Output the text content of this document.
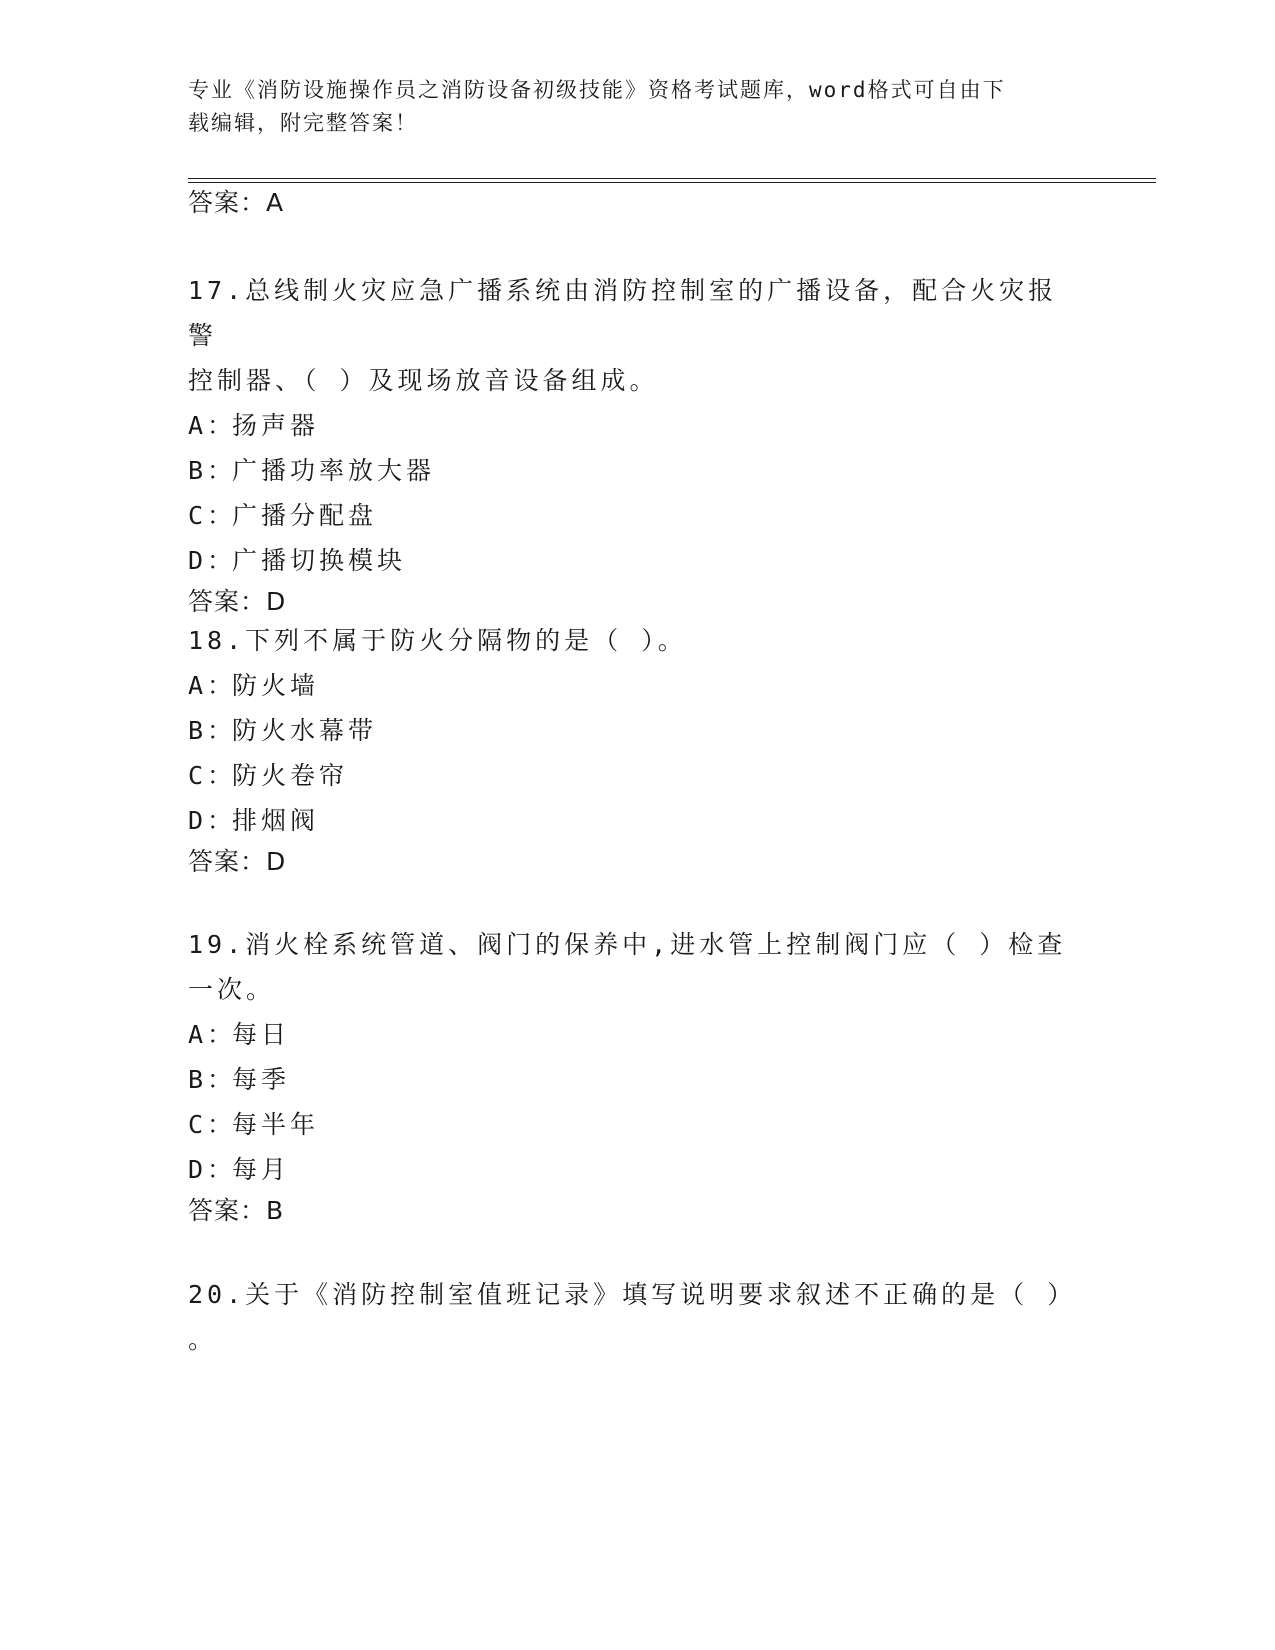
专业《消防设施操作员之消防设备初级技能》资格考试题库，word格式可自由下
载编辑，附完整答案！

答案：A

17.总线制火灾应急广播系统由消防控制室的广播设备，配合火灾报警

控制器、（ ）及现场放音设备组成。

A：扬声器

B：广播功率放大器

C：广播分配盘

D：广播切换模块

答案：D

18.下列不属于防火分隔物的是（ ）。

A：防火墙

B：防火水幕带

C：防火卷帘

D：排烟阀

答案：D

19.消火栓系统管道、阀门的保养中,进水管上控制阀门应（ ）检查

一次。

A：每日

B：每季

C：每半年

D：每月

答案：B

20.关于《消防控制室值班记录》填写说明要求叙述不正确的是（ ）

。
